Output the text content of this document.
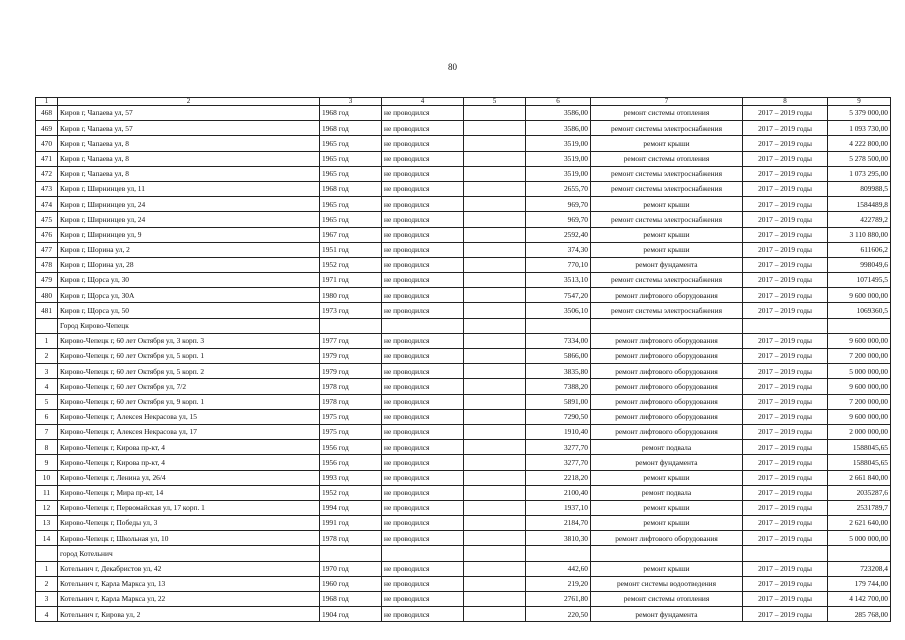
80
1	2	3	4	5	6	7	8	9
468	Киров г, Чапаева ул, 57	1968 год	не проводился		3586,00	ремонт системы отопления	2017 – 2019 годы	5 379 000,00
469	Киров г, Чапаева ул, 57	1968 год	не проводился		3586,00	ремонт системы электроснабжения	2017 – 2019 годы	1 093 730,00
470	Киров г, Чапаева ул, 8	1965 год	не проводился		3519,00	ремонт крыши	2017 – 2019 годы	4 222 800,00
471	Киров г, Чапаева ул, 8	1965 год	не проводился		3519,00	ремонт системы отопления	2017 – 2019 годы	5 278 500,00
472	Киров г, Чапаева ул, 8	1965 год	не проводился		3519,00	ремонт системы электроснабжения	2017 – 2019 годы	1 073 295,00
473	Киров г, Ширнинцев ул, 11	1968 год	не проводился		2655,70	ремонт системы электроснабжения	2017 – 2019 годы	809988,5
474	Киров г, Ширнинцев ул, 24	1965 год	не проводился		969,70	ремонт крыши	2017 – 2019 годы	1584489,8
475	Киров г, Ширнинцев ул, 24	1965 год	не проводился		969,70	ремонт системы электроснабжения	2017 – 2019 годы	422789,2
476	Киров г, Ширнинцев ул, 9	1967 год	не проводился		2592,40	ремонт крыши	2017 – 2019 годы	3 110 880,00
477	Киров г, Шорина ул, 2	1951 год	не проводился		374,30	ремонт крыши	2017 – 2019 годы	611606,2
478	Киров г, Шорина ул, 28	1952 год	не проводился		770,10	ремонт фундамента	2017 – 2019 годы	998049,6
479	Киров г, Щорса ул, 30	1971 год	не проводился		3513,10	ремонт системы электроснабжения	2017 – 2019 годы	1071495,5
480	Киров г, Щорса ул, 30А	1980 год	не проводился		7547,20	ремонт лифтового оборудования	2017 – 2019 годы	9 600 000,00
481	Киров г, Щорса ул, 50	1973 год	не проводился		3506,10	ремонт системы электроснабжения	2017 – 2019 годы	1069360,5
	Город Кирово-Чепецк							
1	Кирово-Чепецк г, 60 лет Октября ул, 3 корп. 3	1977 год	не проводился		7334,00	ремонт лифтового оборудования	2017 – 2019 годы	9 600 000,00
2	Кирово-Чепецк г, 60 лет Октября ул, 5 корп. 1	1979 год	не проводился		5866,00	ремонт лифтового оборудования	2017 – 2019 годы	7 200 000,00
3	Кирово-Чепецк г, 60 лет Октября ул, 5 корп. 2	1979 год	не проводился		3835,80	ремонт лифтового оборудования	2017 – 2019 годы	5 000 000,00
4	Кирово-Чепецк г, 60 лет Октября ул, 7/2	1978 год	не проводился		7388,20	ремонт лифтового оборудования	2017 – 2019 годы	9 600 000,00
5	Кирово-Чепецк г, 60 лет Октября ул, 9 корп. 1	1978 год	не проводился		5891,00	ремонт лифтового оборудования	2017 – 2019 годы	7 200 000,00
6	Кирово-Чепецк г, Алексея Некрасова ул, 15	1975 год	не проводился		7290,50	ремонт лифтового оборудования	2017 – 2019 годы	9 600 000,00
7	Кирово-Чепецк г, Алексея Некрасова ул, 17	1975 год	не проводился		1910,40	ремонт лифтового оборудования	2017 – 2019 годы	2 000 000,00
8	Кирово-Чепецк г, Кирова пр-кт, 4	1956 год	не проводился		3277,70	ремонт подвала	2017 – 2019 годы	1588045,65
9	Кирово-Чепецк г, Кирова пр-кт, 4	1956 год	не проводился		3277,70	ремонт фундамента	2017 – 2019 годы	1588045,65
10	Кирово-Чепецк г, Ленина ул, 26/4	1993 год	не проводился		2218,20	ремонт крыши	2017 – 2019 годы	2 661 840,00
11	Кирово-Чепецк г, Мира пр-кт, 14	1952 год	не проводился		2100,40	ремонт подвала	2017 – 2019 годы	2035287,6
12	Кирово-Чепецк г, Первомайская ул, 17 корп. 1	1994 год	не проводился		1937,10	ремонт крыши	2017 – 2019 годы	2531789,7
13	Кирово-Чепецк г, Победы ул, 3	1991 год	не проводился		2184,70	ремонт крыши	2017 – 2019 годы	2 621 640,00
14	Кирово-Чепецк г, Школьная ул, 10	1978 год	не проводился		3810,30	ремонт лифтового оборудования	2017 – 2019 годы	5 000 000,00
	город Котельнич							
1	Котельнич г, Декабристов ул, 42	1970 год	не проводился		442,60	ремонт крыши	2017 – 2019 годы	723208,4
2	Котельнич г, Карла Маркса ул, 13	1960 год	не проводился		219,20	ремонт системы водоотведения	2017 – 2019 годы	179 744,00
3	Котельнич г, Карла Маркса ул, 22	1968 год	не проводился		2761,80	ремонт системы отопления	2017 – 2019 годы	4 142 700,00
4	Котельнич г, Кирова ул, 2	1904 год	не проводился		220,50	ремонт фундамента	2017 – 2019 годы	285 768,00
